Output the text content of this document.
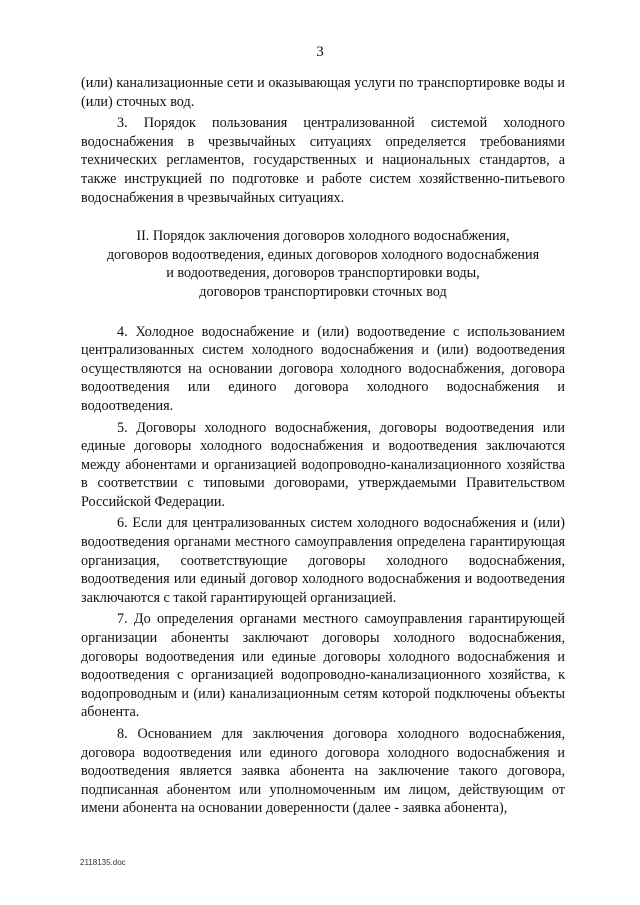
3

(или) канализационные сети и оказывающая услуги по транспортировке воды и (или) сточных вод.

3. Порядок пользования централизованной системой холодного водоснабжения в чрезвычайных ситуациях определяется требованиями технических регламентов, государственных и национальных стандартов, а также инструкцией по подготовке и работе систем хозяйственно-питьевого водоснабжения в чрезвычайных ситуациях.

II. Порядок заключения договоров холодного водоснабжения,
договоров водоотведения, единых договоров холодного водоснабжения
и водоотведения, договоров транспортировки воды,
договоров транспортировки сточных вод

4. Холодное водоснабжение и (или) водоотведение с использованием централизованных систем холодного водоснабжения и (или) водоотведения осуществляются на основании договора холодного водоснабжения, договора водоотведения или единого договора холодного водоснабжения и водоотведения.

5. Договоры холодного водоснабжения, договоры водоотведения или единые договоры холодного водоснабжения и водоотведения заключаются между абонентами и организацией водопроводно-канализационного хозяйства в соответствии с типовыми договорами, утверждаемыми Правительством Российской Федерации.

6. Если для централизованных систем холодного водоснабжения и (или) водоотведения органами местного самоуправления определена гарантирующая организация, соответствующие договоры холодного водоснабжения, водоотведения или единый договор холодного водоснабжения и водоотведения заключаются с такой гарантирующей организацией.

7. До определения органами местного самоуправления гарантирующей организации абоненты заключают договоры холодного водоснабжения, договоры водоотведения или единые договоры холодного водоснабжения и водоотведения с организацией водопроводно-канализационного хозяйства, к водопроводным и (или) канализационным сетям которой подключены объекты абонента.

8. Основанием для заключения договора холодного водоснабжения, договора водоотведения или единого договора холодного водоснабжения и водоотведения является заявка абонента на заключение такого договора, подписанная абонентом или уполномоченным им лицом, действующим от имени абонента на основании доверенности (далее - заявка абонента),

2118135.doc
